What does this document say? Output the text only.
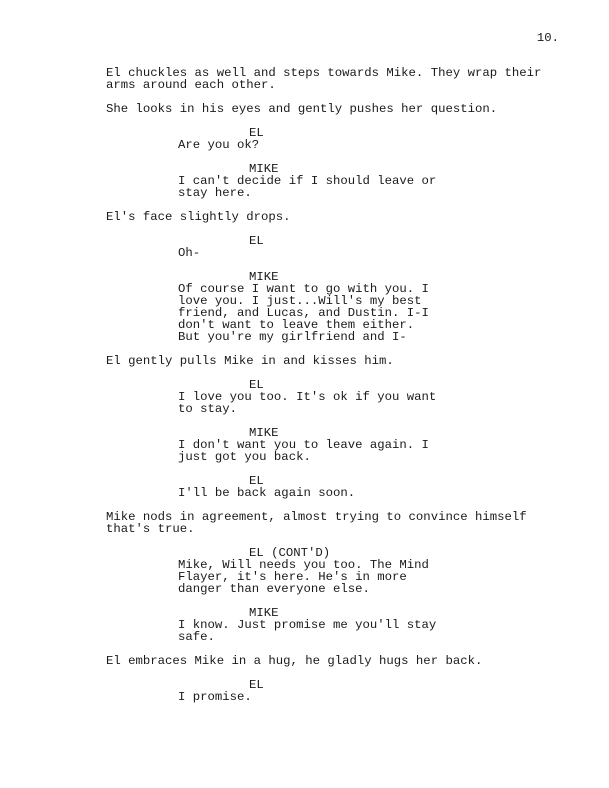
10.
El chuckles as well and steps towards Mike. They wrap their
arms around each other.
She looks in his eyes and gently pushes her question.
EL
Are you ok?
MIKE
I can't decide if I should leave or
stay here.
El's face slightly drops.
EL
Oh-
MIKE
Of course I want to go with you. I
love you. I just...Will's my best
friend, and Lucas, and Dustin. I-I
don't want to leave them either.
But you're my girlfriend and I-
El gently pulls Mike in and kisses him.
EL
I love you too. It's ok if you want
to stay.
MIKE
I don't want you to leave again. I
just got you back.
EL
I'll be back again soon.
Mike nods in agreement, almost trying to convince himself
that's true.
EL (CONT'D)
Mike, Will needs you too. The Mind
Flayer, it's here. He's in more
danger than everyone else.
MIKE
I know. Just promise me you'll stay
safe.
El embraces Mike in a hug, he gladly hugs her back.
EL
I promise.
